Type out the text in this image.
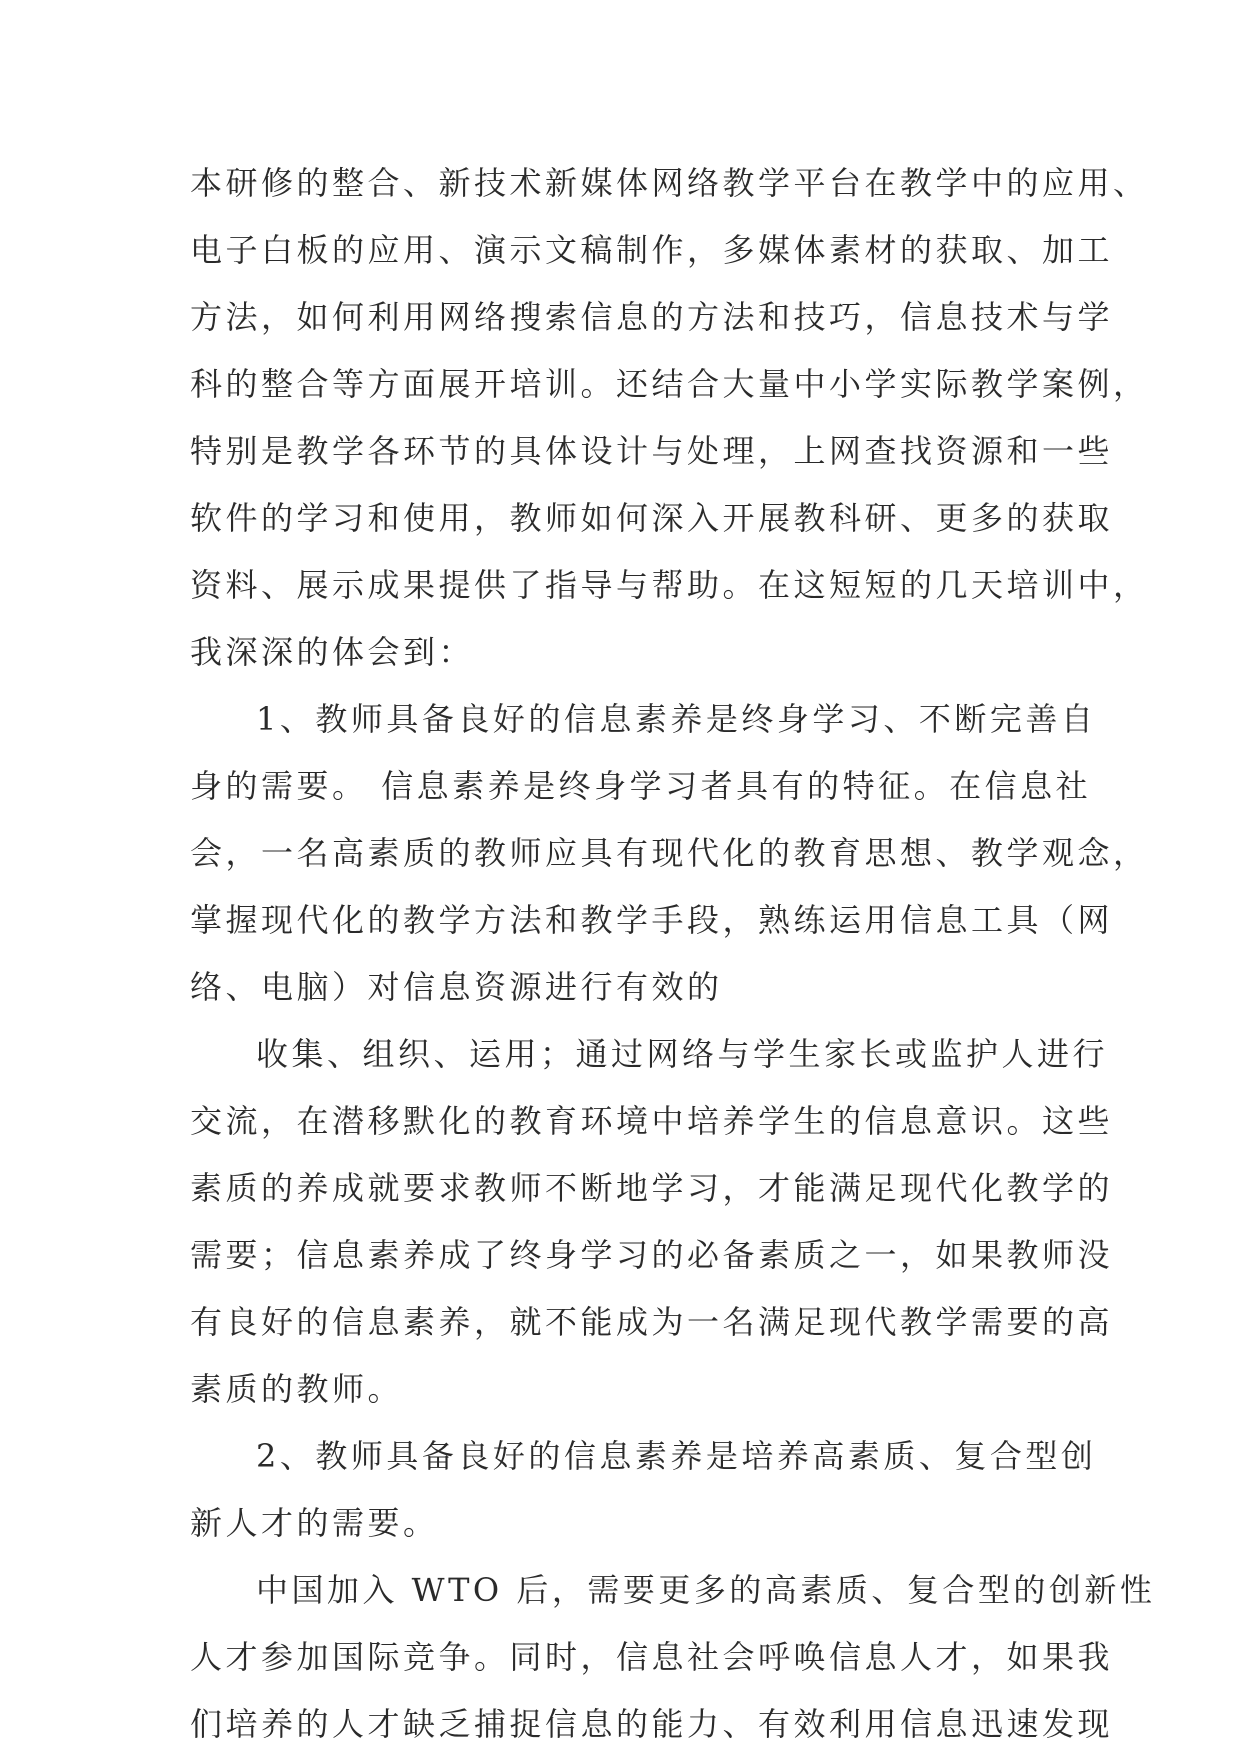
本研修的整合、新技术新媒体网络教学平台在教学中的应用、
电子白板的应用、演示文稿制作，多媒体素材的获取、加工
方法，如何利用网络搜索信息的方法和技巧，信息技术与学
科的整合等方面展开培训。还结合大量中小学实际教学案例，
特别是教学各环节的具体设计与处理，上网查找资源和一些
软件的学习和使用，教师如何深入开展教科研、更多的获取
资料、展示成果提供了指导与帮助。在这短短的几天培训中，
我深深的体会到：
1、教师具备良好的信息素养是终身学习、不断完善自
身的需要。 信息素养是终身学习者具有的特征。在信息社
会，一名高素质的教师应具有现代化的教育思想、教学观念，
掌握现代化的教学方法和教学手段，熟练运用信息工具（网
络、电脑）对信息资源进行有效的
收集、组织、运用；通过网络与学生家长或监护人进行
交流，在潜移默化的教育环境中培养学生的信息意识。这些
素质的养成就要求教师不断地学习，才能满足现代化教学的
需要；信息素养成了终身学习的必备素质之一，如果教师没
有良好的信息素养，就不能成为一名满足现代教学需要的高
素质的教师。
2、教师具备良好的信息素养是培养高素质、复合型创
新人才的需要。
中国加入 WTO 后，需要更多的高素质、复合型的创新性
人才参加国际竞争。同时，信息社会呼唤信息人才，如果我
们培养的人才缺乏捕捉信息的能力、有效利用信息迅速发现
